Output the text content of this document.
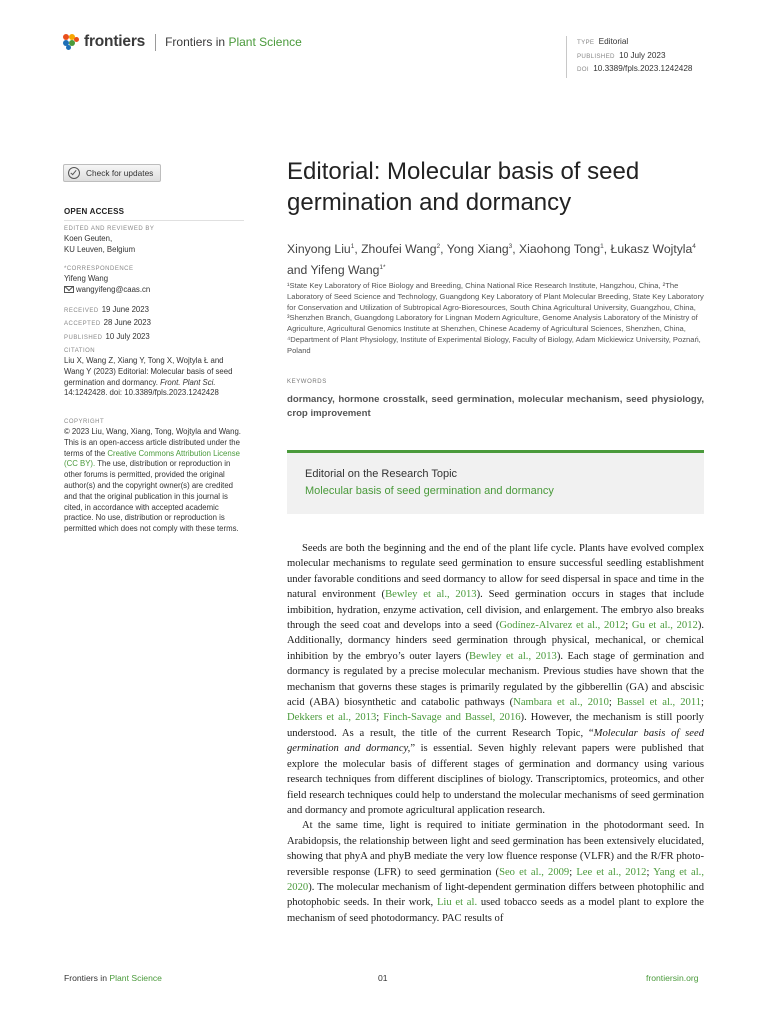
frontiers Frontiers in Plant Science	TYPE Editorial
PUBLISHED 10 July 2023
DOI 10.3389/fpls.2023.1242428
Check for updates
OPEN ACCESS
EDITED AND REVIEWED BY
Koen Geuten,
KU Leuven, Belgium
*CORRESPONDENCE
Yifeng Wang
wangyifeng@caas.cn
RECEIVED 19 June 2023
ACCEPTED 28 June 2023
PUBLISHED 10 July 2023
CITATION
Liu X, Wang Z, Xiang Y, Tong X, Wojtyla Ł and Wang Y (2023) Editorial: Molecular basis of seed germination and dormancy. Front. Plant Sci. 14:1242428. doi: 10.3389/fpls.2023.1242428
COPYRIGHT
© 2023 Liu, Wang, Xiang, Tong, Wojtyla and Wang. This is an open-access article distributed under the terms of the Creative Commons Attribution License (CC BY). The use, distribution or reproduction in other forums is permitted, provided the original author(s) and the copyright owner(s) are credited and that the original publication in this journal is cited, in accordance with accepted academic practice. No use, distribution or reproduction is permitted which does not comply with these terms.
Editorial: Molecular basis of seed germination and dormancy
Xinyong Liu$^1$, Zhoufei Wang$^2$, Yong Xiang$^3$, Xiaohong Tong$^1$, Łukasz Wojtyla$^4$ and Yifeng Wang$^{1*}$
¹State Key Laboratory of Rice Biology and Breeding, China National Rice Research Institute, Hangzhou, China, ²The Laboratory of Seed Science and Technology, Guangdong Key Laboratory of Plant Molecular Breeding, State Key Laboratory for Conservation and Utilization of Subtropical Agro-Bioresources, South China Agricultural University, Guangzhou, China, ³Shenzhen Branch, Guangdong Laboratory for Lingnan Modern Agriculture, Genome Analysis Laboratory of the Ministry of Agriculture, Agricultural Genomics Institute at Shenzhen, Chinese Academy of Agricultural Sciences, Shenzhen, China, ⁴Department of Plant Physiology, Institute of Experimental Biology, Faculty of Biology, Adam Mickiewicz University, Poznań, Poland
KEYWORDS
dormancy, hormone crosstalk, seed germination, molecular mechanism, seed physiology, crop improvement
Editorial on the Research Topic
Molecular basis of seed germination and dormancy

Seeds are both the beginning and the end of the plant life cycle. Plants have evolved complex molecular mechanisms to regulate seed germination to ensure successful seedling establishment under favorable conditions and seed dormancy to allow for seed dispersal in space and time in the natural environment (Bewley et al., 2013). Seed germination occurs in stages that include imbibition, hydration, enzyme activation, cell division, and enlargement. The embryo also breaks through the seed coat and develops into a seed (Godínez-Alvarez et al., 2012; Gu et al., 2012). Additionally, dormancy hinders seed germination through physical, mechanical, or chemical inhibition by the embryo’s outer layers (Bewley et al., 2013). Each stage of germination and dormancy is regulated by a precise molecular mechanism. Previous studies have shown that the mechanism that governs these stages is primarily regulated by the gibberellin (GA) and abscisic acid (ABA) biosynthetic and catabolic pathways (Nambara et al., 2010; Bassel et al., 2011; Dekkers et al., 2013; Finch-Savage and Bassel, 2016). However, the mechanism is still poorly understood. As a result, the title of the current Research Topic, “Molecular basis of seed germination and dormancy,” is essential. Seven highly relevant papers were published that explore the molecular basis of different stages of germination and dormancy using various research techniques from different disciplines of biology. Transcriptomics, proteomics, and other field research techniques could help to understand the molecular mechanisms of seed germination and dormancy and promote agricultural application research.

At the same time, light is required to initiate germination in the photodormant seed. In Arabidopsis, the relationship between light and seed germination has been extensively elucidated, showing that phyA and phyB mediate the very low fluence response (VLFR) and the R/FR photo-reversible response (LFR) to seed germination (Seo et al., 2009; Lee et al., 2012; Yang et al., 2020). The molecular mechanism of light-dependent germination differs between photophilic and photophobic seeds. In their work, Liu et al. used tobacco seeds as a model plant to explore the mechanism of seed photodormancy. PAC results of

Frontiers in Plant Science	01	frontiersin.org
